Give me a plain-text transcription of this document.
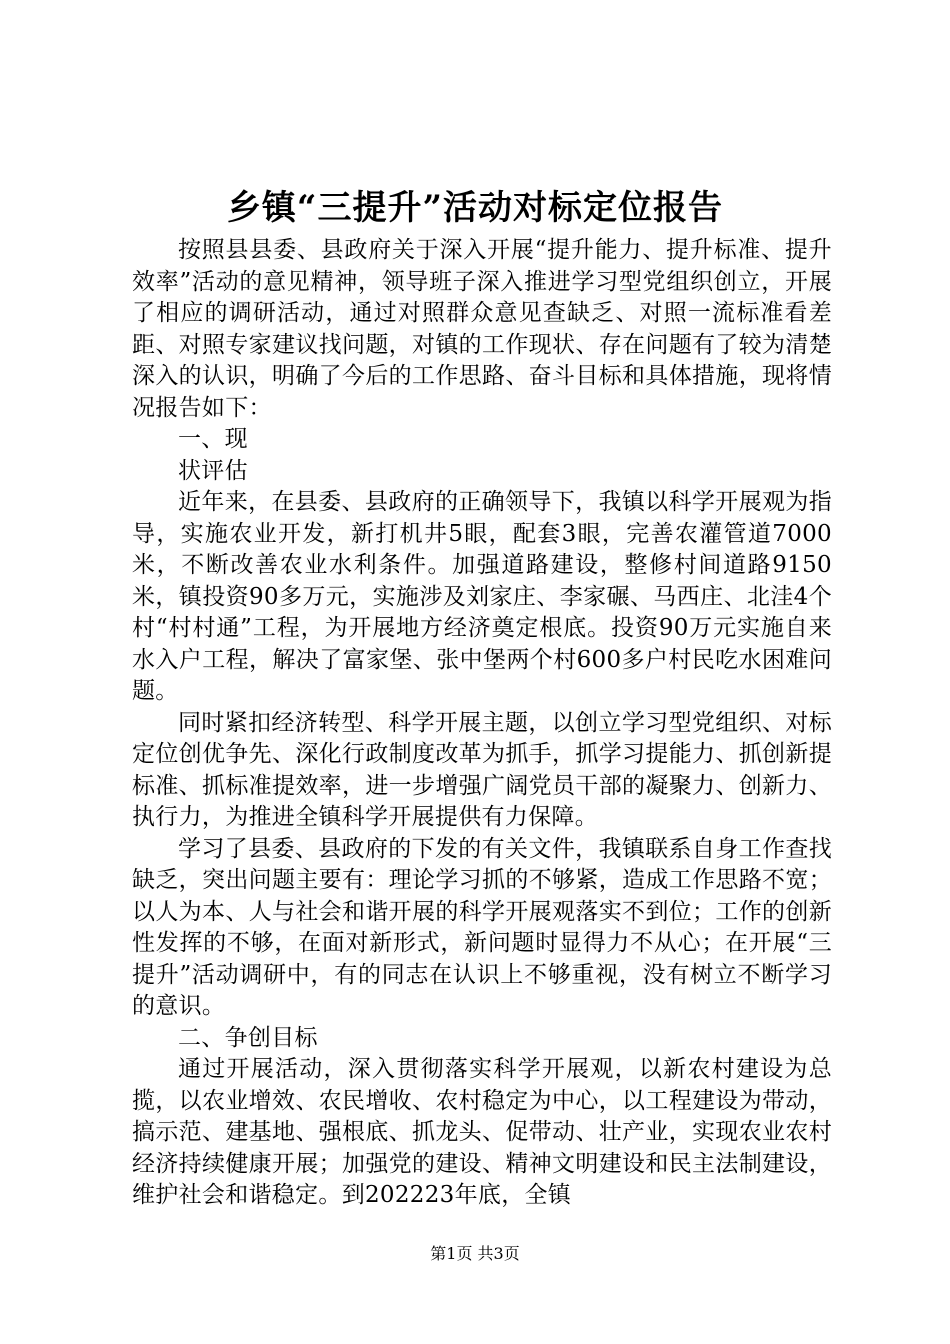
乡镇“三提升”活动对标定位报告

按照县县委、县政府关于深入开展“提升能力、提升标准、提升效率”活动的意见精神，领导班子深入推进学习型党组织创立，开展了相应的调研活动，通过对照群众意见查缺乏、对照一流标准看差距、对照专家建议找问题，对镇的工作现状、存在问题有了较为清楚深入的认识，明确了今后的工作思路、奋斗目标和具体措施，现将情况报告如下：

一、现

状评估

近年来，在县委、县政府的正确领导下，我镇以科学开展观为指导，实施农业开发，新打机井5眼，配套3眼，完善农灌管道7000米，不断改善农业水利条件。加强道路建设，整修村间道路9150米，镇投资90多万元，实施涉及刘家庄、李家碾、马西庄、北洼4个村“村村通”工程，为开展地方经济奠定根底。投资90万元实施自来水入户工程，解决了富家堡、张中堡两个村600多户村民吃水困难问题。

同时紧扣经济转型、科学开展主题，以创立学习型党组织、对标定位创优争先、深化行政制度改革为抓手，抓学习提能力、抓创新提标准、抓标准提效率，进一步增强广阔党员干部的凝聚力、创新力、执行力，为推进全镇科学开展提供有力保障。

学习了县委、县政府的下发的有关文件，我镇联系自身工作查找缺乏，突出问题主要有：理论学习抓的不够紧，造成工作思路不宽；以人为本、人与社会和谐开展的科学开展观落实不到位；工作的创新性发挥的不够，在面对新形式，新问题时显得力不从心；在开展“三提升”活动调研中，有的同志在认识上不够重视，没有树立不断学习的意识。

二、争创目标

通过开展活动，深入贯彻落实科学开展观，以新农村建设为总揽，以农业增效、农民增收、农村稳定为中心，以工程建设为带动，搞示范、建基地、强根底、抓龙头、促带动、壮产业，实现农业农村经济持续健康开展；加强党的建设、精神文明建设和民主法制建设，维护社会和谐稳定。到202223年底，全镇

第1页 共3页
